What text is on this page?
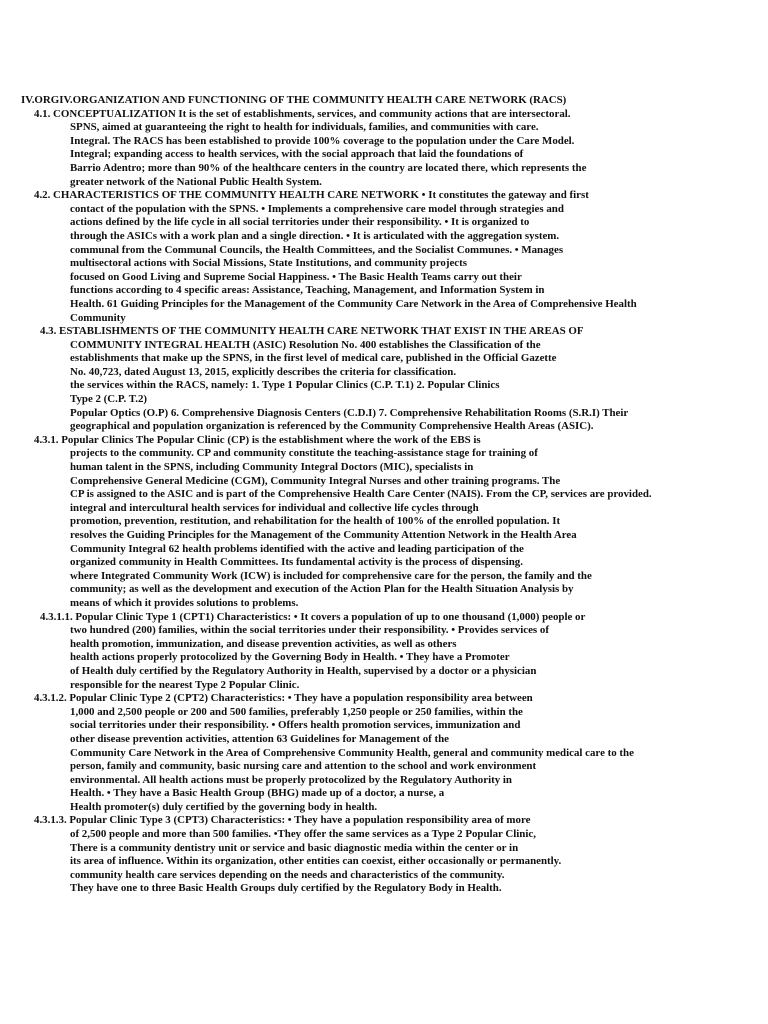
IV.ORGIV.ORGANIZATION AND FUNCTIONING OF THE COMMUNITY HEALTH CARE NETWORK (RACS)
4.1. CONCEPTUALIZATION It is the set of establishments, services, and community actions that are intersectoral.
SPNS, aimed at guaranteeing the right to health for individuals, families, and communities with care.
Integral. The RACS has been established to provide 100% coverage to the population under the Care Model.
Integral; expanding access to health services, with the social approach that laid the foundations of
Barrio Adentro; more than 90% of the healthcare centers in the country are located there, which represents the
greater network of the National Public Health System.
4.2. CHARACTERISTICS OF THE COMMUNITY HEALTH CARE NETWORK • It constitutes the gateway and first
contact of the population with the SPNS. • Implements a comprehensive care model through strategies and
actions defined by the life cycle in all social territories under their responsibility. • It is organized to
through the ASICs with a work plan and a single direction. • It is articulated with the aggregation system.
communal from the Communal Councils, the Health Committees, and the Socialist Communes. • Manages
multisectoral actions with Social Missions, State Institutions, and community projects
focused on Good Living and Supreme Social Happiness. • The Basic Health Teams carry out their
functions according to 4 specific areas: Assistance, Teaching, Management, and Information System in
Health. 61 Guiding Principles for the Management of the Community Care Network in the Area of Comprehensive Health
Community
4.3. ESTABLISHMENTS OF THE COMMUNITY HEALTH CARE NETWORK THAT EXIST IN THE AREAS OF
COMMUNITY INTEGRAL HEALTH (ASIC) Resolution No. 400 establishes the Classification of the
establishments that make up the SPNS, in the first level of medical care, published in the Official Gazette
No. 40,723, dated August 13, 2015, explicitly describes the criteria for classification.
the services within the RACS, namely: 1. Type 1 Popular Clinics (C.P. T.1) 2. Popular Clinics
Type 2 (C.P. T.2)
Popular Optics (O.P) 6. Comprehensive Diagnosis Centers (C.D.I) 7. Comprehensive Rehabilitation Rooms (S.R.I) Their
geographical and population organization is referenced by the Community Comprehensive Health Areas (ASIC).
4.3.1. Popular Clinics The Popular Clinic (CP) is the establishment where the work of the EBS is
projects to the community. CP and community constitute the teaching-assistance stage for training of
human talent in the SPNS, including Community Integral Doctors (MIC), specialists in
Comprehensive General Medicine (CGM), Community Integral Nurses and other training programs. The
CP is assigned to the ASIC and is part of the Comprehensive Health Care Center (NAIS). From the CP, services are provided.
integral and intercultural health services for individual and collective life cycles through
promotion, prevention, restitution, and rehabilitation for the health of 100% of the enrolled population. It
resolves the Guiding Principles for the Management of the Community Attention Network in the Health Area
Community Integral 62 health problems identified with the active and leading participation of the
organized community in Health Committees. Its fundamental activity is the process of dispensing.
where Integrated Community Work (ICW) is included for comprehensive care for the person, the family and the
community; as well as the development and execution of the Action Plan for the Health Situation Analysis by
means of which it provides solutions to problems.
4.3.1.1. Popular Clinic Type 1 (CPT1) Characteristics: • It covers a population of up to one thousand (1,000) people or
two hundred (200) families, within the social territories under their responsibility. • Provides services of
health promotion, immunization, and disease prevention activities, as well as others
health actions properly protocolized by the Governing Body in Health. • They have a Promoter
of Health duly certified by the Regulatory Authority in Health, supervised by a doctor or a physician
responsible for the nearest Type 2 Popular Clinic.
4.3.1.2. Popular Clinic Type 2 (CPT2) Characteristics: • They have a population responsibility area between
1,000 and 2,500 people or 200 and 500 families, preferably 1,250 people or 250 families, within the
social territories under their responsibility. • Offers health promotion services, immunization and
other disease prevention activities, attention 63 Guidelines for Management of the
Community Care Network in the Area of Comprehensive Community Health, general and community medical care to the
person, family and community, basic nursing care and attention to the school and work environment
environmental. All health actions must be properly protocolized by the Regulatory Authority in
Health. • They have a Basic Health Group (BHG) made up of a doctor, a nurse, a
Health promoter(s) duly certified by the governing body in health.
4.3.1.3. Popular Clinic Type 3 (CPT3) Characteristics: • They have a population responsibility area of more
of 2,500 people and more than 500 families. •They offer the same services as a Type 2 Popular Clinic,
There is a community dentistry unit or service and basic diagnostic media within the center or in
its area of influence. Within its organization, other entities can coexist, either occasionally or permanently.
community health care services depending on the needs and characteristics of the community.
They have one to three Basic Health Groups duly certified by the Regulatory Body in Health.
